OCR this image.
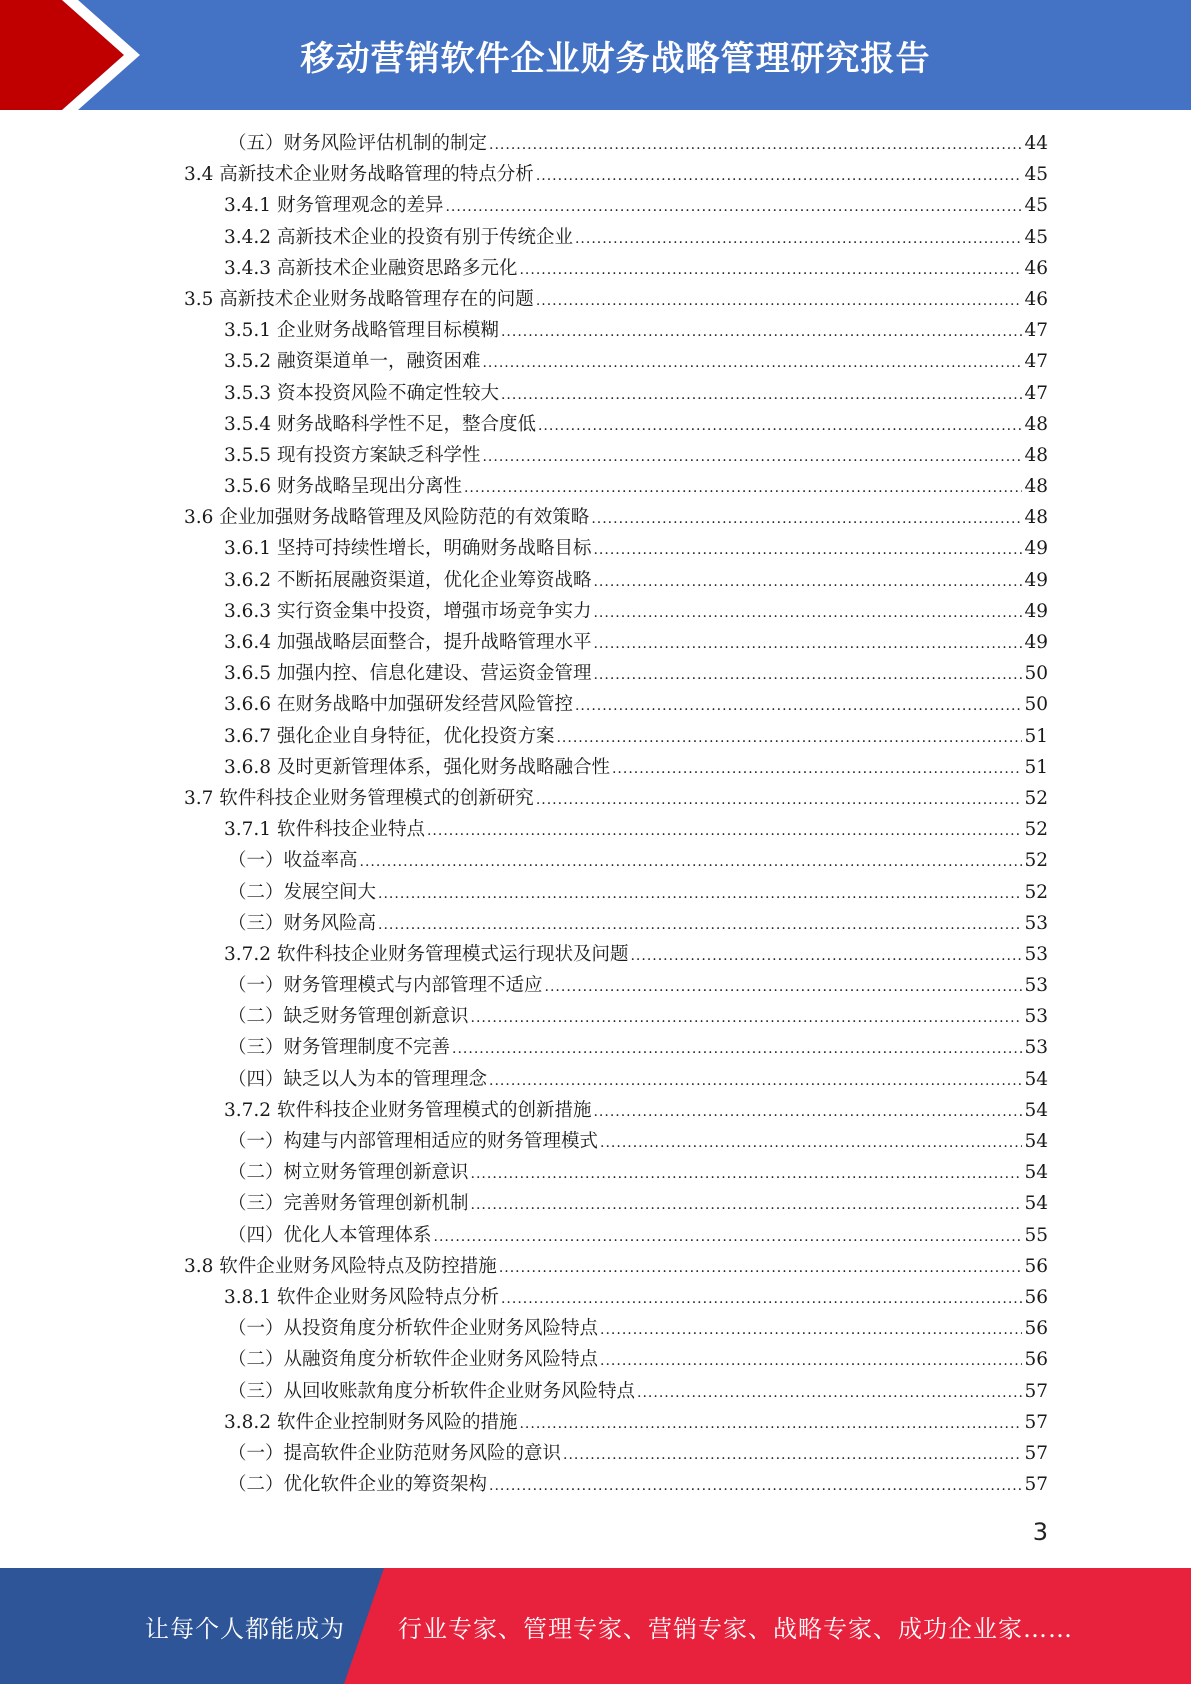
移动营销软件企业财务战略管理研究报告
（五）财务风险评估机制的制定 .....	44
3.4 高新技术企业财务战略管理的特点分析 .....	45
3.4.1 财务管理观念的差异 .....	45
3.4.2 高新技术企业的投资有别于传统企业 .....	45
3.4.3 高新技术企业融资思路多元化 .....	46
3.5 高新技术企业财务战略管理存在的问题 .....	46
3.5.1 企业财务战略管理目标模糊 .....	47
3.5.2 融资渠道单一，融资困难 .....	47
3.5.3 资本投资风险不确定性较大 .....	47
3.5.4 财务战略科学性不足，整合度低 .....	48
3.5.5 现有投资方案缺乏科学性 .....	48
3.5.6 财务战略呈现出分离性 .....	48
3.6 企业加强财务战略管理及风险防范的有效策略 .....	48
3.6.1 坚持可持续性增长，明确财务战略目标 .....	49
3.6.2 不断拓展融资渠道，优化企业筹资战略 .....	49
3.6.3 实行资金集中投资，增强市场竞争实力 .....	49
3.6.4 加强战略层面整合，提升战略管理水平 .....	49
3.6.5 加强内控、信息化建设、营运资金管理 .....	50
3.6.6 在财务战略中加强研发经营风险管控 .....	50
3.6.7 强化企业自身特征，优化投资方案 .....	51
3.6.8 及时更新管理体系，强化财务战略融合性 .....	51
3.7 软件科技企业财务管理模式的创新研究 .....	52
3.7.1 软件科技企业特点 .....	52
（一）收益率高 .....	52
（二）发展空间大 .....	52
（三）财务风险高 .....	53
3.7.2 软件科技企业财务管理模式运行现状及问题 .....	53
（一）财务管理模式与内部管理不适应 .....	53
（二）缺乏财务管理创新意识 .....	53
（三）财务管理制度不完善 .....	53
（四）缺乏以人为本的管理理念 .....	54
3.7.2 软件科技企业财务管理模式的创新措施 .....	54
（一）构建与内部管理相适应的财务管理模式 .....	54
（二）树立财务管理创新意识 .....	54
（三）完善财务管理创新机制 .....	54
（四）优化人本管理体系 .....	55
3.8 软件企业财务风险特点及防控措施 .....	56
3.8.1 软件企业财务风险特点分析 .....	56
（一）从投资角度分析软件企业财务风险特点 .....	56
（二）从融资角度分析软件企业财务风险特点 .....	56
（三）从回收账款角度分析软件企业财务风险特点 .....	57
3.8.2 软件企业控制财务风险的措施 .....	57
（一）提高软件企业防范财务风险的意识 .....	57
（二）优化软件企业的筹资架构 .....	57
3
让每个人都能成为 行业专家、管理专家、营销专家、战略专家、成功企业家……
